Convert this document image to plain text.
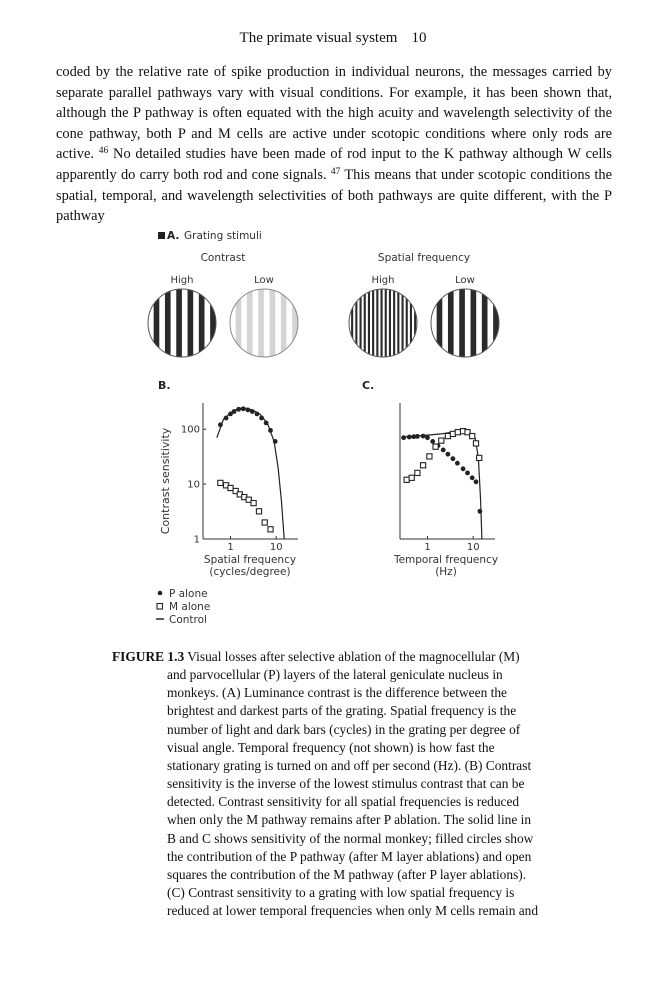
The primate visual system 10
coded by the relative rate of spike production in individual neurons, the messages carried by separate parallel pathways vary with visual conditions. For example, it has been shown that, although the P pathway is often equated with the high acuity and wavelength selectivity of the cone pathway, both P and M cells are active under scotopic conditions where only rods are active. $^{46}$ No detailed studies have been made of rod input to the K pathway although W cells apparently do carry both rod and cone signals. $^{47}$ This means that under scotopic conditions the spatial, temporal, and wavelength selectivities of both pathways are quite different, with the P pathway
A. Grating stimuli
Contrast	Spatial frequency
High	Low	High	Low
B.	C.
Contrast sensitivity
1	10
1
10
100
Spatial frequency
(cycles/degree)
1	10
Temporal frequency
(Hz)
P alone
M alone
Control
FIGURE 1.3 Visual losses after selective ablation of the magnocellular (M)
and parvocellular (P) layers of the lateral geniculate nucleus in
monkeys. (A) Luminance contrast is the difference between the
brightest and darkest parts of the grating. Spatial frequency is the
number of light and dark bars (cycles) in the grating per degree of
visual angle. Temporal frequency (not shown) is how fast the
stationary grating is turned on and off per second (Hz). (B) Contrast
sensitivity is the inverse of the lowest stimulus contrast that can be
detected. Contrast sensitivity for all spatial frequencies is reduced
when only the M pathway remains after P ablation. The solid line in
B and C shows sensitivity of the normal monkey; filled circles show
the contribution of the P pathway (after M layer ablations) and open
squares the contribution of the M pathway (after P layer ablations).
(C) Contrast sensitivity to a grating with low spatial frequency is
reduced at lower temporal frequencies when only M cells remain and
